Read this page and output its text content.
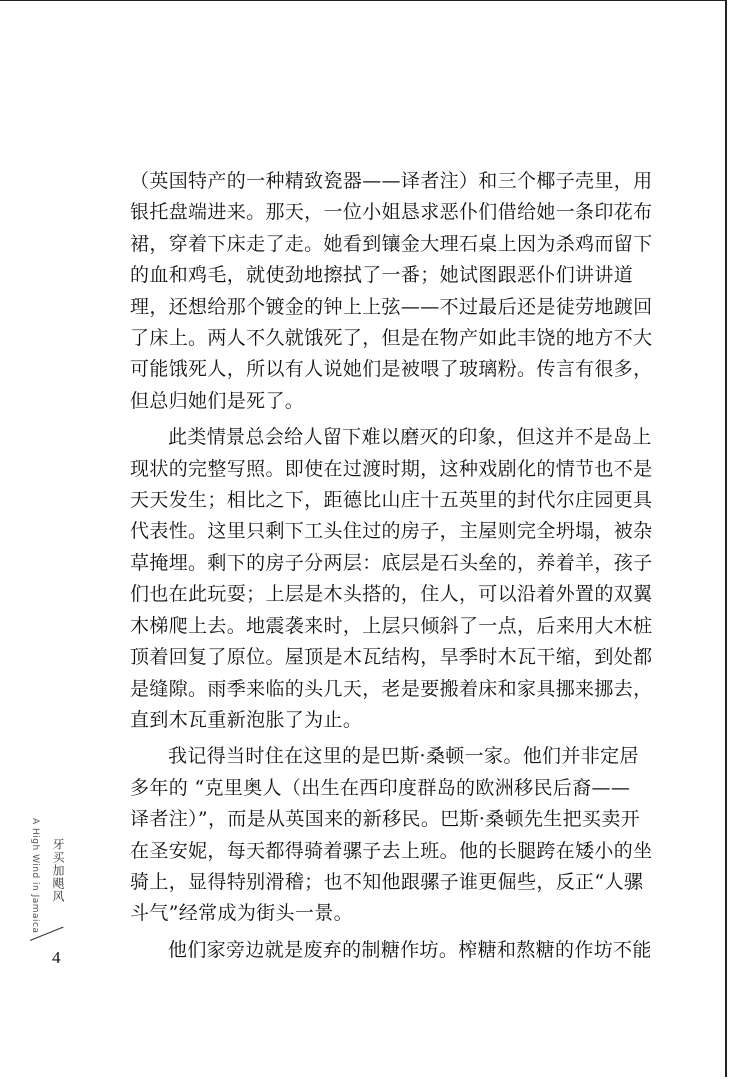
（英国特产的一种精致瓷器——译者注）和三个椰子壳里，用
银托盘端进来。那天，一位小姐恳求恶仆们借给她一条印花布
裙，穿着下床走了走。她看到镶金大理石桌上因为杀鸡而留下
的血和鸡毛，就使劲地擦拭了一番；她试图跟恶仆们讲讲道
理，还想给那个镀金的钟上上弦——不过最后还是徒劳地踱回
了床上。两人不久就饿死了，但是在物产如此丰饶的地方不大
可能饿死人，所以有人说她们是被喂了玻璃粉。传言有很多，
但总归她们是死了。

此类情景总会给人留下难以磨灭的印象，但这并不是岛上
现状的完整写照。即使在过渡时期，这种戏剧化的情节也不是
天天发生；相比之下，距德比山庄十五英里的封代尔庄园更具
代表性。这里只剩下工头住过的房子，主屋则完全坍塌，被杂
草掩埋。剩下的房子分两层：底层是石头垒的，养着羊，孩子
们也在此玩耍；上层是木头搭的，住人，可以沿着外置的双翼
木梯爬上去。地震袭来时，上层只倾斜了一点，后来用大木桩
顶着回复了原位。屋顶是木瓦结构，旱季时木瓦干缩，到处都
是缝隙。雨季来临的头几天，老是要搬着床和家具挪来挪去，
直到木瓦重新泡胀了为止。

我记得当时住在这里的是巴斯·桑顿一家。他们并非定居
多年的 “克里奥人（出生在西印度群岛的欧洲移民后裔——
译者注）”，而是从英国来的新移民。巴斯·桑顿先生把买卖开
在圣安妮，每天都得骑着骡子去上班。他的长腿跨在矮小的坐
骑上，显得特别滑稽；也不知他跟骡子谁更倔些，反正“人骡
斗气”经常成为街头一景。

他们家旁边就是废弃的制糖作坊。榨糖和熬糖的作坊不能

A High Wind in Jamaica 牙买加飓风
4
